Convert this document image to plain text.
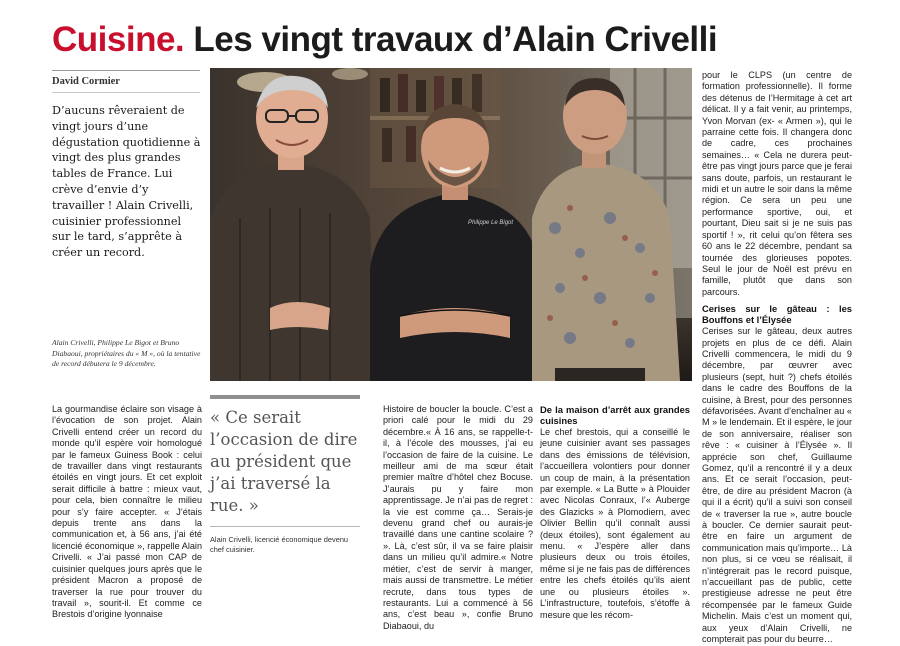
Cuisine. Les vingt travaux d’Alain Crivelli
David Cormier
D’aucuns rêveraient de vingt jours d’une dégustation quotidienne à vingt des plus grandes tables de France. Lui crève d’envie d’y travailler ! Alain Crivelli, cuisinier professionnel sur le tard, s’apprête à créer un record.
Philippe Le Bigot
Alain Crivelli, Philippe Le Bigot et Bruno Diabaoui, propriétaires du « M », où la tentative de record débutera le 9 décembre.

La gourmandise éclaire son visage à l’évocation de son projet. Alain Crivelli entend créer un record du monde qu’il espère voir homologué par le fameux Guiness Book : celui de travailler dans vingt restaurants étoilés en vingt jours. Et cet exploit serait difficile à battre : mieux vaut, pour cela, bien connaître le milieu pour s’y faire accepter. « J’étais depuis trente ans dans la communication et, à 56 ans, j’ai été licencié économique », rappelle Alain Crivelli. « J’ai passé mon CAP de cuisinier quelques jours après que le président Macron a proposé de traverser la rue pour trouver du travail », sourit-il. Et comme ce Brestois d’origine lyonnaise

« Ce serait l’occasion de dire au président que j’ai traversé la rue. »
Alain Crivelli, licencié économique devenu chef cuisinier.

Histoire de boucler la boucle. C’est a priori calé pour le midi du 29 décembre.« À 16 ans, se rappelle-t-il, à l’école des mousses, j’ai eu l’occasion de faire de la cuisine. Le meilleur ami de ma sœur était premier maître d’hôtel chez Bocuse. J’aurais pu y faire mon apprentissage. Je n’ai pas de regret : la vie est comme ça… Serais-je devenu grand chef ou aurais-je travaillé dans une cantine scolaire ? ». Là, c’est sûr, il va se faire plaisir dans un milieu qu’il admire.« Notre métier, c’est de servir à manger, mais aussi de transmettre. Le métier recrute, dans tous types de restaurants. Lui a commencé à 56 ans, c’est beau », confie Bruno Diabaoui, du

De la maison d’arrêt aux grandes cuisines

Le chef brestois, qui a conseillé le jeune cuisinier avant ses passages dans des émissions de télévision, l’accueillera volontiers pour donner un coup de main, à la présentation par exemple. « La Butte » à Plouider avec Nicolas Conraux, l’« Auberge des Glazicks » à Plomodiern, avec Olivier Bellin qu’il connaît aussi (deux étoiles), sont également au menu. « J’espère aller dans plusieurs deux ou trois étoiles, même si je ne fais pas de différences entre les chefs étoilés qu’ils aient une ou plusieurs étoiles ». L’infrastructure, toutefois, s’étoffe à mesure que les récom-

pour le CLPS (un centre de formation professionnelle). Il forme des détenus de l’Hermitage à cet art délicat. Il y a fait venir, au printemps, Yvon Morvan (ex- « Armen »), qui le parraine cette fois. Il changera donc de cadre, ces prochaines semaines… « Cela ne durera peut-être pas vingt jours parce que je ferai sans doute, parfois, un restaurant le midi et un autre le soir dans la même région. Ce sera un peu une performance sportive, oui, et pourtant, Dieu sait si je ne suis pas sportif ! », rit celui qu’on fêtera ses 60 ans le 22 décembre, pendant sa tournée des glorieuses popotes. Seul le jour de Noël est prévu en famille, plutôt que dans son parcours.

Cerises sur le gâteau : les Bouffons et l’Élysée

Cerises sur le gâteau, deux autres projets en plus de ce défi. Alain Crivelli commencera, le midi du 9 décembre, par œuvrer avec plusieurs (sept, huit ?) chefs étoilés dans le cadre des Bouffons de la cuisine, à Brest, pour des personnes défavorisées. Avant d’enchaîner au « M » le lendemain. Et il espère, le jour de son anniversaire, réaliser son rêve : « cuisiner à l’Élysée ». Il apprécie son chef, Guillaume Gomez, qu’il a rencontré il y a deux ans. Et ce serait l’occasion, peut-être, de dire au président Macron (à qui il a écrit) qu’il a suivi son conseil de « traverser la rue », autre boucle à boucler. Ce dernier saurait peut-être en faire un argument de communication mais qu’importe… Là non plus, si ce vœu se réalisait, il n’intégrerait pas le record puisque, n’accueillant pas de public, cette prestigieuse adresse ne peut être récompensée par le fameux Guide Michelin. Mais c’est un moment qui, aux yeux d’Alain Crivelli, ne compterait pas pour du beurre…
